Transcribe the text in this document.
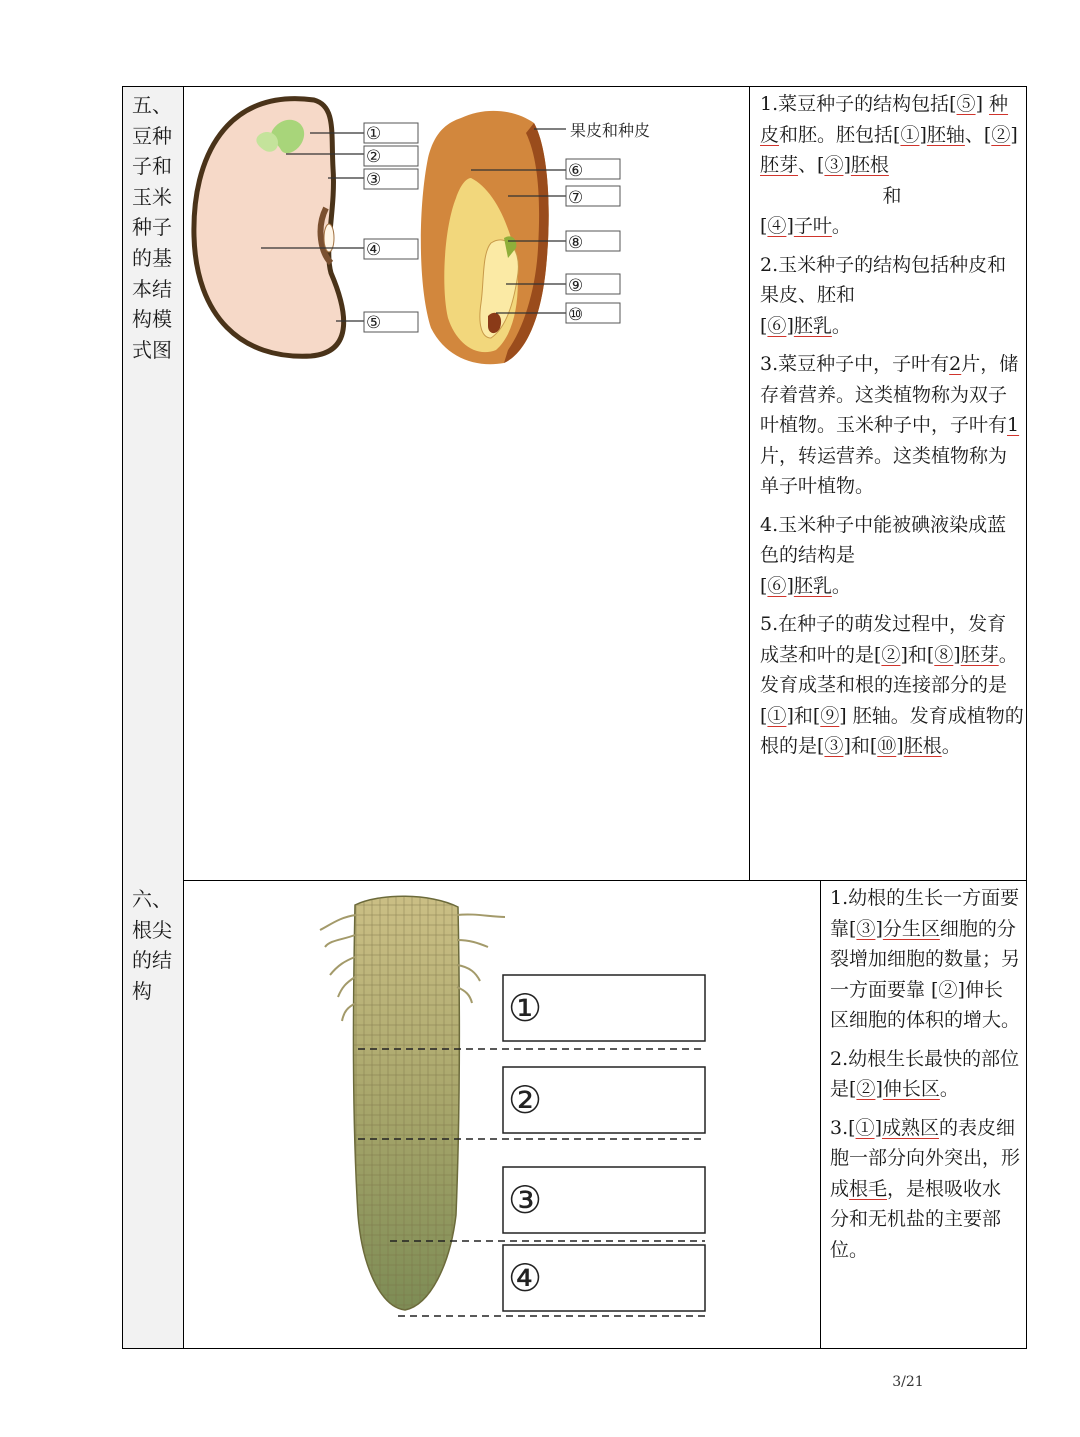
五、豆种子和玉米种子的基本结构模式图
六、根尖的结构
①
②
③
④
⑤
⑥
⑦
⑧
⑨
⑩
果皮和种皮

1.菜豆种子的结构包括[⑤] 种皮和胚。胚包括[①]胚轴、[②] 胚芽、[③]胚根
和
[④]子叶。

2.玉米种子的结构包括种皮和果皮、胚和
[⑥]胚乳。

3.菜豆种子中，子叶有2片，储存着营养。这类植物称为双子叶植物。玉米种子中，子叶有1片，转运营养。这类植物称为单子叶植物。

4.玉米种子中能被碘液染成蓝色的结构是
[⑥]胚乳。

5.在种子的萌发过程中，发育成茎和叶的是[②]和[⑧]胚芽。发育成茎和根的连接部分的是[①]和[⑨] 胚轴。发育成植物的根的是[③]和[⑩]胚根。

①
②
③
④

1.幼根的生长一方面要靠[③]分生区细胞的分裂增加细胞的数量；另一方面要靠 [②]伸长区细胞的体积的增大。

2.幼根生长最快的部位是[②]伸长区。

3.[①]成熟区的表皮细胞一部分向外突出，形成根毛，是根吸收水分和无机盐的主要部位。

3/21
